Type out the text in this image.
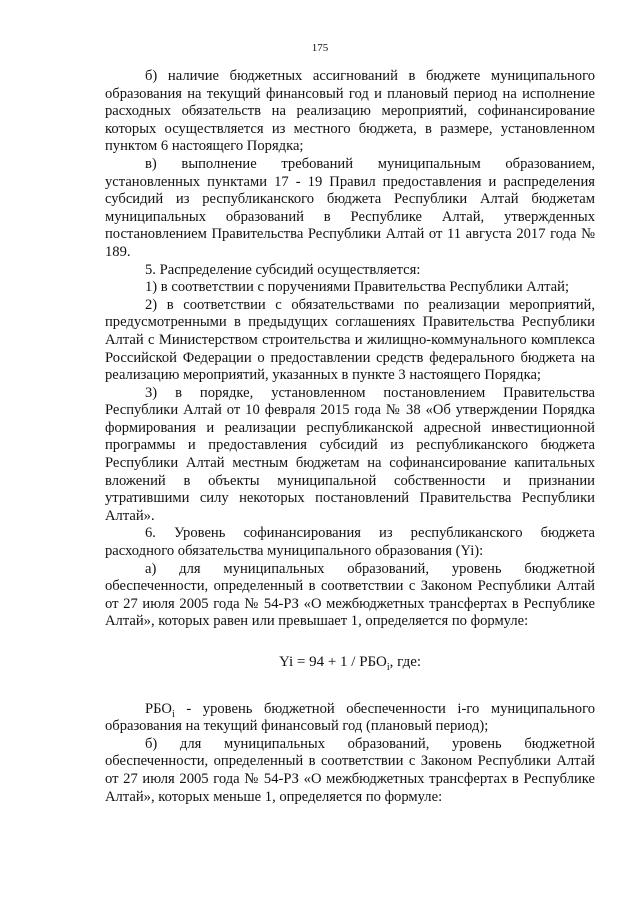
175

б) наличие бюджетных ассигнований в бюджете муниципального образования на текущий финансовый год и плановый период на исполнение расходных обязательств на реализацию мероприятий, софинансирование которых осуществляется из местного бюджета, в размере, установленном пунктом 6 настоящего Порядка;

в) выполнение требований муниципальным образованием, установленных пунктами 17 - 19 Правил предоставления и распределения субсидий из республиканского бюджета Республики Алтай бюджетам муниципальных образований в Республике Алтай, утвержденных постановлением Правительства Республики Алтай от 11 августа 2017 года № 189.

5. Распределение субсидий осуществляется:

1) в соответствии с поручениями Правительства Республики Алтай;

2) в соответствии с обязательствами по реализации мероприятий, предусмотренными в предыдущих соглашениях Правительства Республики Алтай с Министерством строительства и жилищно-коммунального комплекса Российской Федерации о предоставлении средств федерального бюджета на реализацию мероприятий, указанных в пункте 3 настоящего Порядка;

3) в порядке, установленном постановлением Правительства Республики Алтай от 10 февраля 2015 года № 38 «Об утверждении Порядка формирования и реализации республиканской адресной инвестиционной программы и предоставления субсидий из республиканского бюджета Республики Алтай местным бюджетам на софинансирование капитальных вложений в объекты муниципальной собственности и признании утратившими силу некоторых постановлений Правительства Республики Алтай».

6. Уровень софинансирования из республиканского бюджета расходного обязательства муниципального образования (Yi):

а) для муниципальных образований, уровень бюджетной обеспеченности, определенный в соответствии с Законом Республики Алтай от 27 июля 2005 года № 54-РЗ «О межбюджетных трансфертах в Республике Алтай», которых равен или превышает 1, определяется по формуле:

$Yi = 94 + 1 / РБО_i$, где:

$РБО_i$ - уровень бюджетной обеспеченности i-го муниципального образования на текущий финансовый год (плановый период);

б) для муниципальных образований, уровень бюджетной обеспеченности, определенный в соответствии с Законом Республики Алтай от 27 июля 2005 года № 54-РЗ «О межбюджетных трансфертах в Республике Алтай», которых меньше 1, определяется по формуле:
